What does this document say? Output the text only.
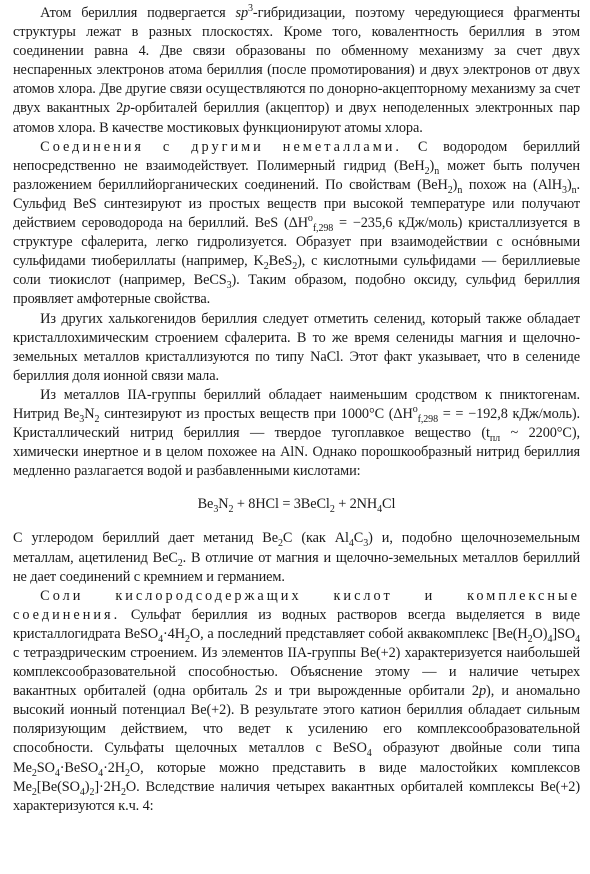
Атом бериллия подвергается $sp^3$-гибридизации, поэтому чередующиеся фрагменты структуры лежат в разных плоскостях. Кроме того, ковалентность бериллия в этом соединении равна 4. Две связи образованы по обменному механизму за счет двух неспаренных электронов атома бериллия (после промотирования) и двух электронов от двух атомов хлора. Две другие связи осуществляются по донорно-акцепторному механизму за счет двух вакантных 2p-орбиталей бериллия (акцептор) и двух неподеленных электронных пар атомов хлора. В качестве мостиковых функционируют атомы хлора.

Соединения с другими неметаллами. С водородом бериллий непосредственно не взаимодействует. Полимерный гидрид $(BeH_2)_n$ может быть получен разложением бериллийорганических соединений. По свойствам $(BeH_2)_n$ похож на $(AlH_3)_n$. Сульфид BeS синтезируют из простых веществ при высокой температуре или получают действием сероводорода на бериллий. BeS ($\Delta H^o_{f,298} = -235,6$ кДж/моль) кристаллизуется в структуре сфалерита, легко гидролизуется. Образует при взаимодействии с оснóвными сульфидами тиобериллаты (например, $K_2BeS_2$), с кислотными сульфидами — бериллиевые соли тиокислот (например, BeCS$_3$). Таким образом, подобно оксиду, сульфид бериллия проявляет амфотерные свойства.

Из других халькогенидов бериллия следует отметить селенид, который также обладает кристаллохимическим строением сфалерита. В то же время селениды магния и щелочно-земельных металлов кристаллизуются по типу NaCl. Этот факт указывает, что в селениде бериллия доля ионной связи мала.

Из металлов IIA-группы бериллий обладает наименьшим сродством к пниктогенам. Нитрид $Be_3N_2$ синтезируют из простых веществ при 1000°C ($\Delta H^o_{f,298}$ = = −192,8 кДж/моль). Кристаллический нитрид бериллия — твердое тугоплавкое вещество ($t_{пл}$ ~ 2200°C), химически инертное и в целом похожее на AlN. Однако порошкообразный нитрид бериллия медленно разлагается водой и разбавленными кислотами:

$Be_3N_2 + 8HCl$ = 3BeCl$_2$ + $2NH_4Cl$

С углеродом бериллий дает метанид $Be_2C$ (как $Al_4C_3$) и, подобно щелочноземельным металлам, ацетиленид BeC$_2$. В отличие от магния и щелочно-земельных металлов бериллий не дает соединений с кремнием и германием.

Соли кислородсодержащих кислот и комплексные соединения. Сульфат бериллия из водных растворов всегда выделяется в виде кристаллогидрата $BeSO_4\cdot 4H_2O$, а последний представляет собой аквакомплекс $[Be(H_2O)_4]SO_4$ с тетраэдрическим строением. Из элементов IIA-группы Be(+2) характеризуется наибольшей комплексообразовательной способностью. Объяснение этому — и наличие четырех вакантных орбиталей (одна орбиталь 2s и три вырожденные орбитали 2p), и аномально высокий ионный потенциал Be(+2). В результате этого катион бериллия обладает сильным поляризующим действием, что ведет к усилению его комплексообразовательной способности. Сульфаты щелочных металлов с BeSO$_4$ образуют двойные соли типа $Me_2SO_4\cdot BeSO_4\cdot 2H_2O$, которые можно представить в виде малостойких комплексов $Me_2[Be(SO_4)_2]\cdot 2H_2O$. Вследствие наличия четырех вакантных орбиталей комплексы Be(+2) характеризуются к.ч. 4:
